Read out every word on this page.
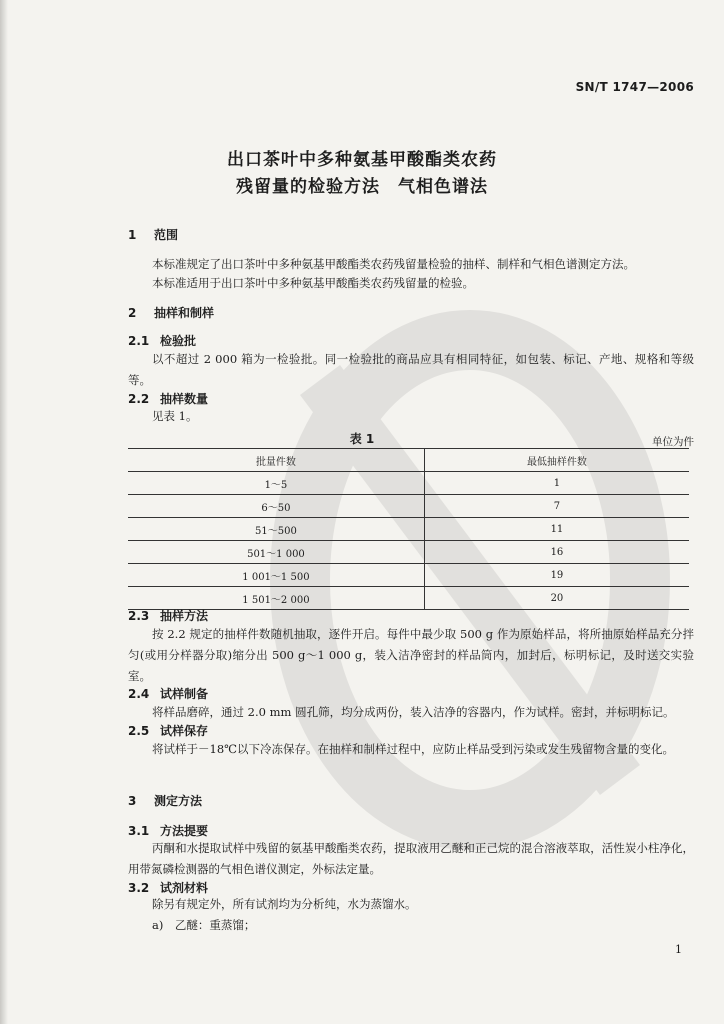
SN/T 1747—2006
出口茶叶中多种氨基甲酸酯类农药
残留量的检验方法　气相色谱法
1 范围
本标准规定了出口茶叶中多种氨基甲酸酯类农药残留量检验的抽样、制样和气相色谱测定方法。
本标准适用于出口茶叶中多种氨基甲酸酯类农药残留量的检验。
2 抽样和制样
2.1 检验批
以不超过 2 000 箱为一检验批。同一检验批的商品应具有相同特征，如包装、标记、产地、规格和等级等。
2.2 抽样数量
见表 1。
表 1	单位为件
批量件数	最低抽样件数
1～5	1
6～50	7
51～500	11
501～1 000	16
1 001～1 500	19
1 501～2 000	20
2.3 抽样方法
按 2.2 规定的抽样件数随机抽取，逐件开启。每件中最少取 500 g 作为原始样品，将所抽原始样品充分拌匀(或用分样器分取)缩分出 500 g～1 000 g，装入洁净密封的样品筒内，加封后，标明标记，及时送交实验室。
2.4 试样制备
将样品磨碎，通过 2.0 mm 圆孔筛，均分成两份，装入洁净的容器内，作为试样。密封，并标明标记。
2.5 试样保存
将试样于－18℃以下冷冻保存。在抽样和制样过程中，应防止样品受到污染或发生残留物含量的变化。
3 测定方法
3.1 方法提要
丙酮和水提取试样中残留的氨基甲酸酯类农药，提取液用乙醚和正己烷的混合溶液萃取，活性炭小柱净化，用带氮磷检测器的气相色谱仪测定，外标法定量。
3.2 试剂材料
除另有规定外，所有试剂均为分析纯，水为蒸馏水。
a)　乙醚：重蒸馏；
1
